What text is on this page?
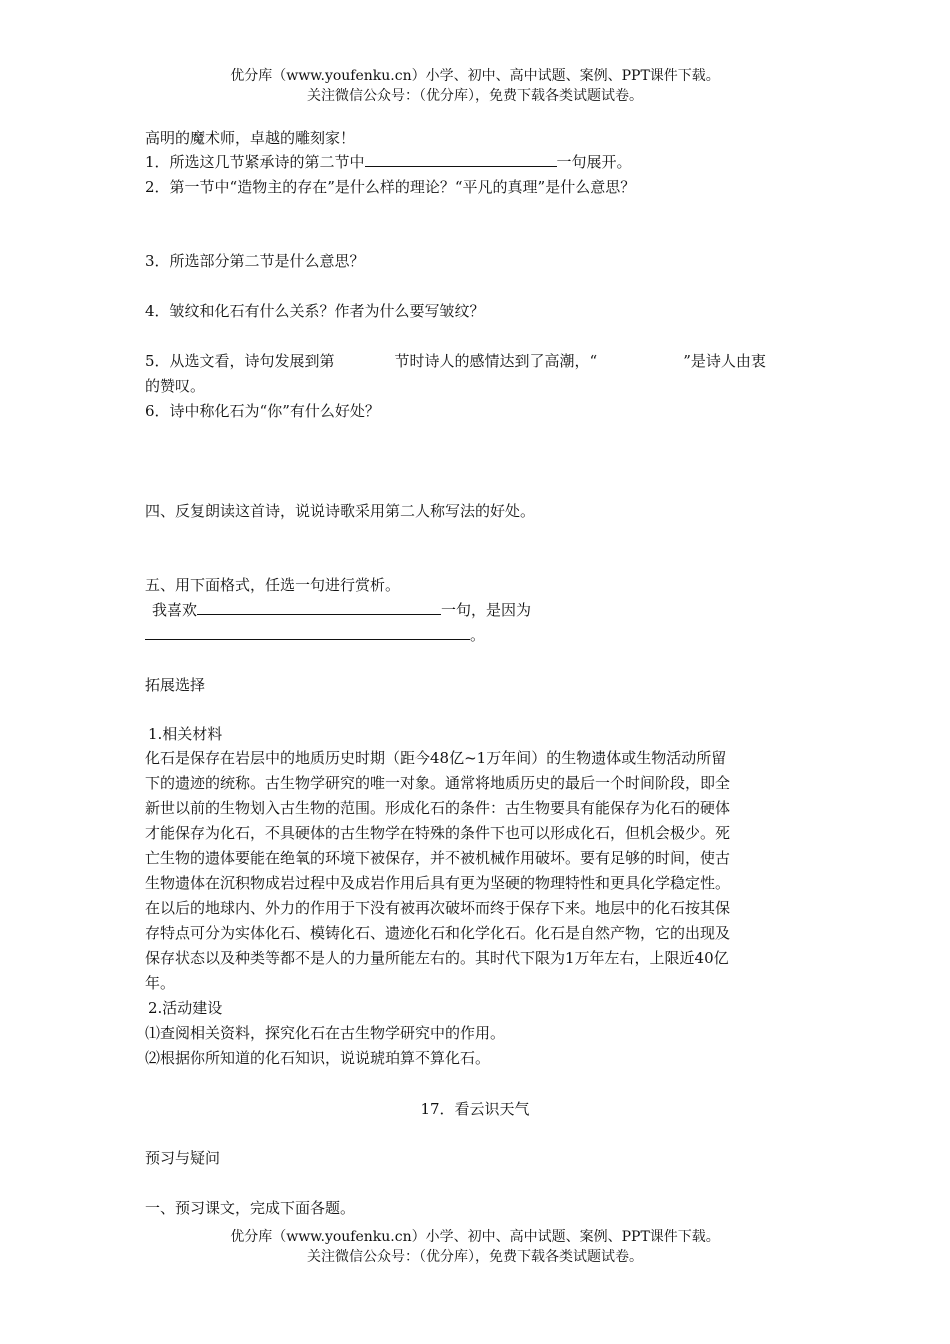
优分库（www.youfenku.cn）小学、初中、高中试题、案例、PPT课件下载。
关注微信公众号：（优分库），免费下载各类试题试卷。
高明的魔术师，卓越的雕刻家！
1．所选这几节紧承诗的第二节中	一句展开。
2．第一节中“造物主的存在”是什么样的理论？“平凡的真理”是什么意思？
3．所选部分第二节是什么意思？
4．皱纹和化石有什么关系？作者为什么要写皱纹？
5．从选文看，诗句发展到第	节时诗人的感情达到了高潮，“	”是诗人由衷
的赞叹。
6．诗中称化石为“你”有什么好处？
四、反复朗读这首诗，说说诗歌采用第二人称写法的好处。
五、用下面格式，任选一句进行赏析。
我喜欢	一句，是因为
。
拓展选择
1.相关材料
化石是保存在岩层中的地质历史时期（距今48亿~1万年间）的生物遗体或生物活动所留
下的遗迹的统称。古生物学研究的唯一对象。通常将地质历史的最后一个时间阶段，即全
新世以前的生物划入古生物的范围。形成化石的条件：古生物要具有能保存为化石的硬体
才能保存为化石，不具硬体的古生物学在特殊的条件下也可以形成化石，但机会极少。死
亡生物的遗体要能在绝氧的环境下被保存，并不被机械作用破坏。要有足够的时间，使古
生物遗体在沉积物成岩过程中及成岩作用后具有更为坚硬的物理特性和更具化学稳定性。
在以后的地球内、外力的作用于下没有被再次破坏而终于保存下来。地层中的化石按其保
存特点可分为实体化石、模铸化石、遗迹化石和化学化石。化石是自然产物，它的出现及
保存状态以及种类等都不是人的力量所能左右的。其时代下限为1万年左右，上限近40亿
年。
2.活动建设
⑴查阅相关资料，探究化石在古生物学研究中的作用。
⑵根据你所知道的化石知识，说说琥珀算不算化石。
17．看云识天气
预习与疑问
一、预习课文，完成下面各题。
优分库（www.youfenku.cn）小学、初中、高中试题、案例、PPT课件下载。
关注微信公众号：（优分库），免费下载各类试题试卷。
